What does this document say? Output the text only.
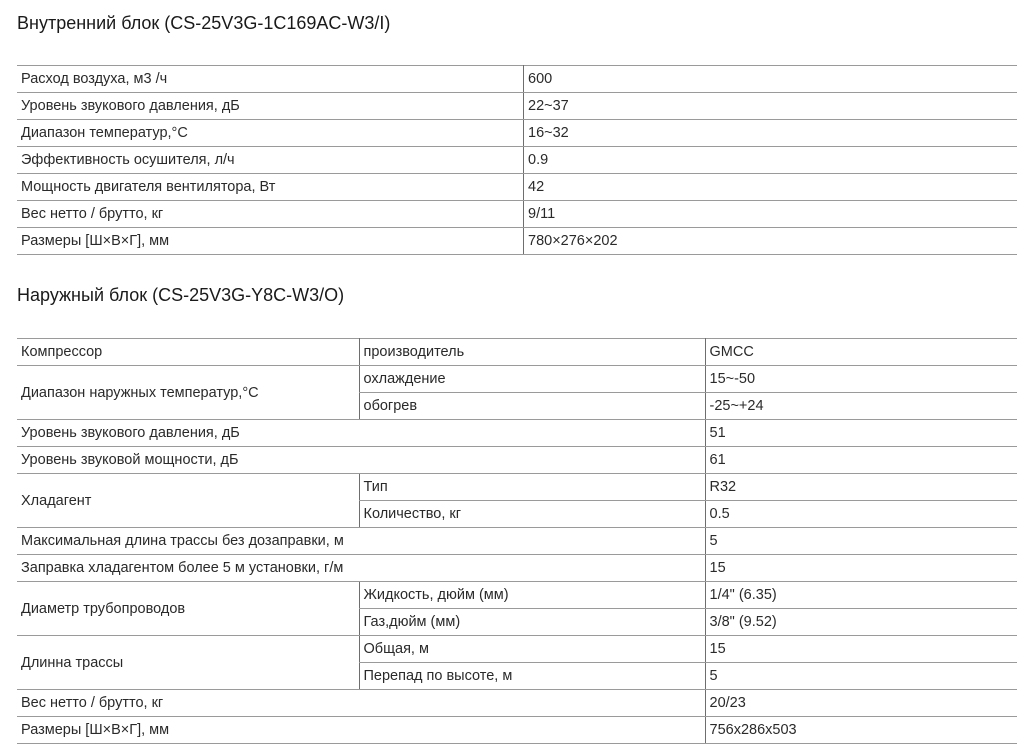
Внутренний блок (CS-25V3G-1C169AC-W3/I)
Расход воздуха, м3 /ч	600
Уровень звукового давления, дБ	22~37
Диапазон температур,°С	16~32
Эффективность осушителя, л/ч	0.9
Мощность двигателя вентилятора, Вт	42
Вес нетто / брутто, кг	9/11
Размеры [Ш×В×Г], мм	780×276×202
Наружный блок (CS-25V3G-Y8C-W3/O)
Компрессор	производитель	GMCC
Диапазон наружных температур,°С	охлаждение	15~-50
	обогрев	-25~+24
Уровень звукового давления, дБ		51
Уровень звуковой мощности, дБ		61
Хладагент	Тип	R32
	Количество, кг	0.5
Максимальная длина трассы без дозаправки, м		5
Заправка хладагентом более 5 м установки, г/м		15
Диаметр трубопроводов	Жидкость, дюйм (мм)	1/4" (6.35)
	Газ,дюйм (мм)	3/8" (9.52)
Длинна трассы	Общая, м	15
	Перепад по высоте, м	5
Вес нетто / брутто, кг		20/23
Размеры [Ш×В×Г], мм		756x286x503
